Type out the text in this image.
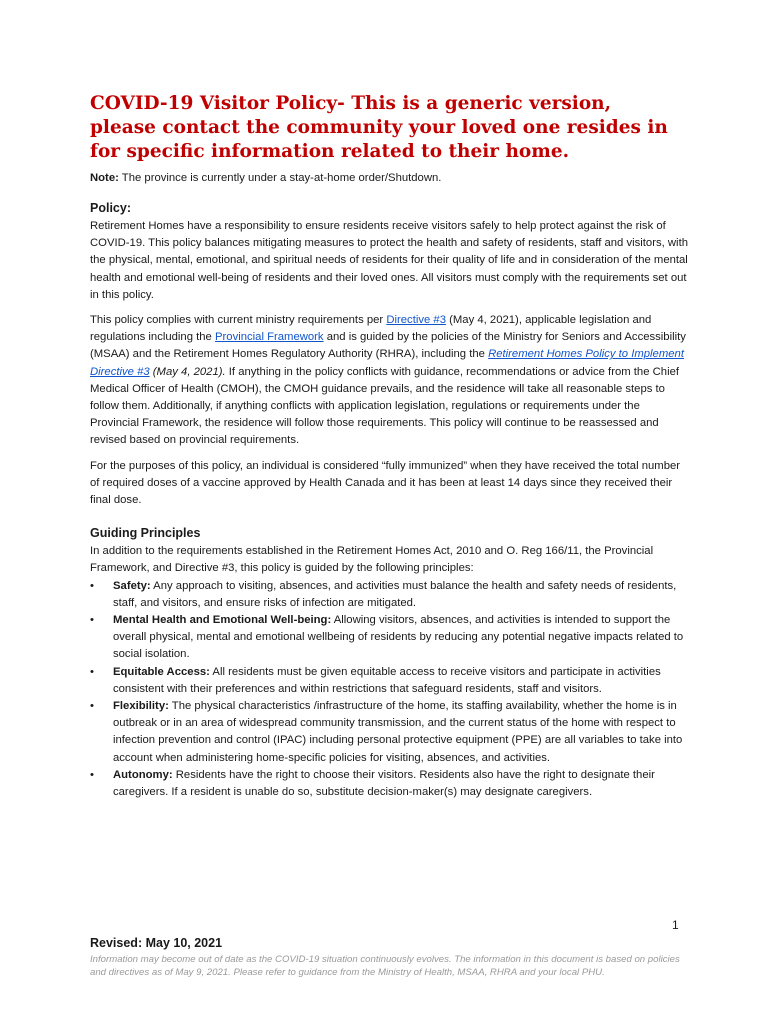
COVID-19 Visitor Policy- This is a generic version, please contact the community your loved one resides in for specific information related to their home.

Note: The province is currently under a stay-at-home order/Shutdown.

Policy:

Retirement Homes have a responsibility to ensure residents receive visitors safely to help protect against the risk of COVID-19. This policy balances mitigating measures to protect the health and safety of residents, staff and visitors, with the physical, mental, emotional, and spiritual needs of residents for their quality of life and in consideration of the mental health and emotional well-being of residents and their loved ones. All visitors must comply with the requirements set out in this policy.

This policy complies with current ministry requirements per Directive #3 (May 4, 2021), applicable legislation and regulations including the Provincial Framework and is guided by the policies of the Ministry for Seniors and Accessibility (MSAA) and the Retirement Homes Regulatory Authority (RHRA), including the Retirement Homes Policy to Implement Directive #3 (May 4, 2021). If anything in the policy conflicts with guidance, recommendations or advice from the Chief Medical Officer of Health (CMOH), the CMOH guidance prevails, and the residence will take all reasonable steps to follow them. Additionally, if anything conflicts with application legislation, regulations or requirements under the Provincial Framework, the residence will follow those requirements. This policy will continue to be reassessed and revised based on provincial requirements.

For the purposes of this policy, an individual is considered “fully immunized” when they have received the total number of required doses of a vaccine approved by Health Canada and it has been at least 14 days since they received their final dose.

Guiding Principles

In addition to the requirements established in the Retirement Homes Act, 2010 and O. Reg 166/11, the Provincial Framework, and Directive #3, this policy is guided by the following principles:

• Safety: Any approach to visiting, absences, and activities must balance the health and safety needs of residents, staff, and visitors, and ensure risks of infection are mitigated.
• Mental Health and Emotional Well-being: Allowing visitors, absences, and activities is intended to support the overall physical, mental and emotional wellbeing of residents by reducing any potential negative impacts related to social isolation.
• Equitable Access: All residents must be given equitable access to receive visitors and participate in activities consistent with their preferences and within restrictions that safeguard residents, staff and visitors.
• Flexibility: The physical characteristics /infrastructure of the home, its staffing availability, whether the home is in outbreak or in an area of widespread community transmission, and the current status of the home with respect to infection prevention and control (IPAC) including personal protective equipment (PPE) are all variables to take into account when administering home-specific policies for visiting, absences, and activities.
• Autonomy: Residents have the right to choose their visitors. Residents also have the right to designate their caregivers. If a resident is unable do so, substitute decision-maker(s) may designate caregivers.
1
Revised: May 10, 2021
Information may become out of date as the COVID-19 situation continuously evolves. The information in this document is based on policies and directives as of May 9, 2021. Please refer to guidance from the Ministry of Health, MSAA, RHRA and your local PHU.
